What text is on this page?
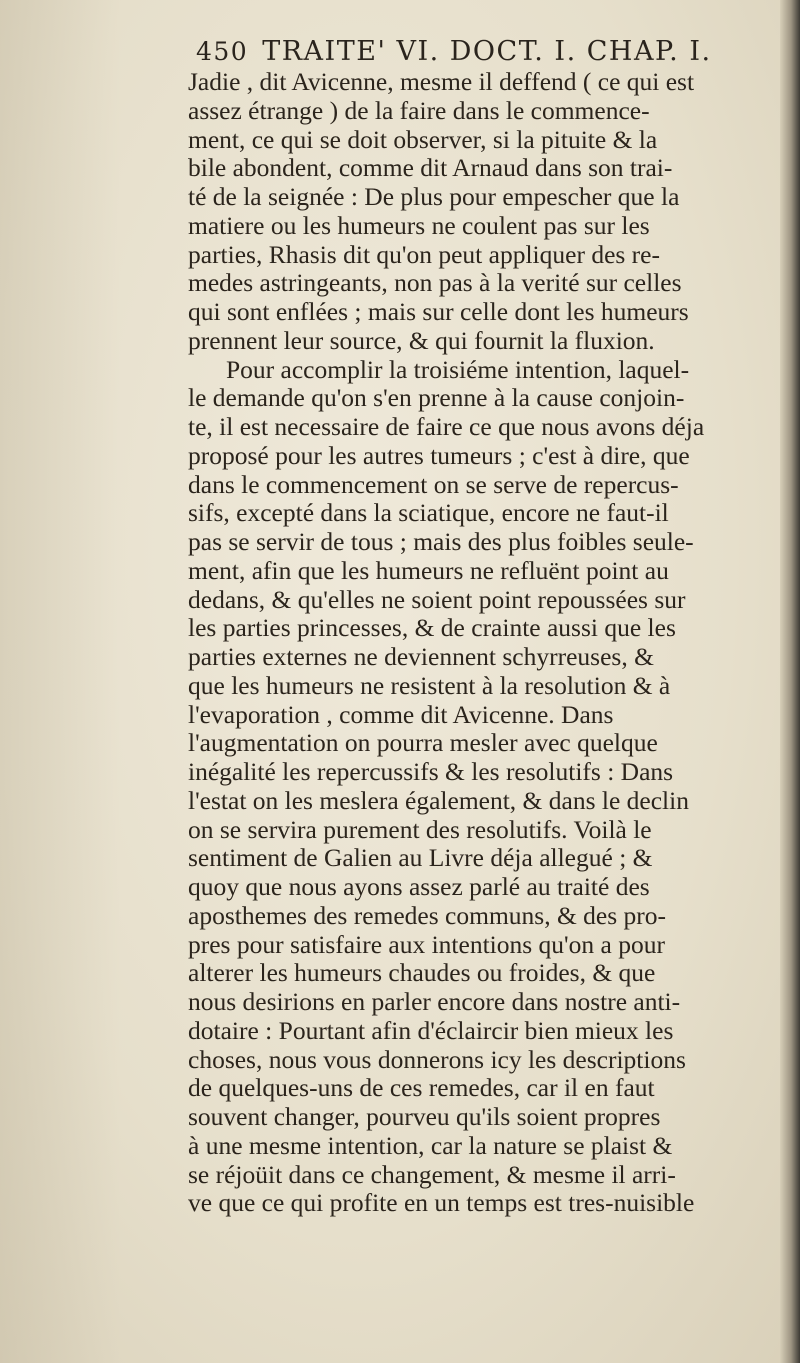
450 TRAITE' VI. DOCT. I. CHAP. I.
Jadie , dit Avicenne, mesme il deffend ( ce qui est
assez étrange ) de la faire dans le commence-
ment, ce qui se doit observer, si la pituite & la
bile abondent, comme dit Arnaud dans son trai-
té de la seignée : De plus pour empescher que la
matiere ou les humeurs ne coulent pas sur les
parties, Rhasis dit qu'on peut appliquer des re-
medes astringeants, non pas à la verité sur celles
qui sont enflées ; mais sur celle dont les humeurs
prennent leur source, & qui fournit la fluxion.
Pour accomplir la troisiéme intention, laquel-
le demande qu'on s'en prenne à la cause conjoin-
te, il est necessaire de faire ce que nous avons déja
proposé pour les autres tumeurs ; c'est à dire, que
dans le commencement on se serve de repercus-
sifs, excepté dans la sciatique, encore ne faut-il
pas se servir de tous ; mais des plus foibles seule-
ment, afin que les humeurs ne refluënt point au
dedans, & qu'elles ne soient point repoussées sur
les parties princesses, & de crainte aussi que les
parties externes ne deviennent schyrreuses, &
que les humeurs ne resistent à la resolution & à
l'evaporation , comme dit Avicenne. Dans
l'augmentation on pourra mesler avec quelque
inégalité les repercussifs & les resolutifs : Dans
l'estat on les meslera également, & dans le declin
on se servira purement des resolutifs. Voilà le
sentiment de Galien au Livre déja allegué ; &
quoy que nous ayons assez parlé au traité des
aposthemes des remedes communs, & des pro-
pres pour satisfaire aux intentions qu'on a pour
alterer les humeurs chaudes ou froides, & que
nous desirions en parler encore dans nostre anti-
dotaire : Pourtant afin d'éclaircir bien mieux les
choses, nous vous donnerons icy les descriptions
de quelques-uns de ces remedes, car il en faut
souvent changer, pourveu qu'ils soient propres
à une mesme intention, car la nature se plaist &
se réjoüit dans ce changement, & mesme il arri-
ve que ce qui profite en un temps est tres-nuisible
